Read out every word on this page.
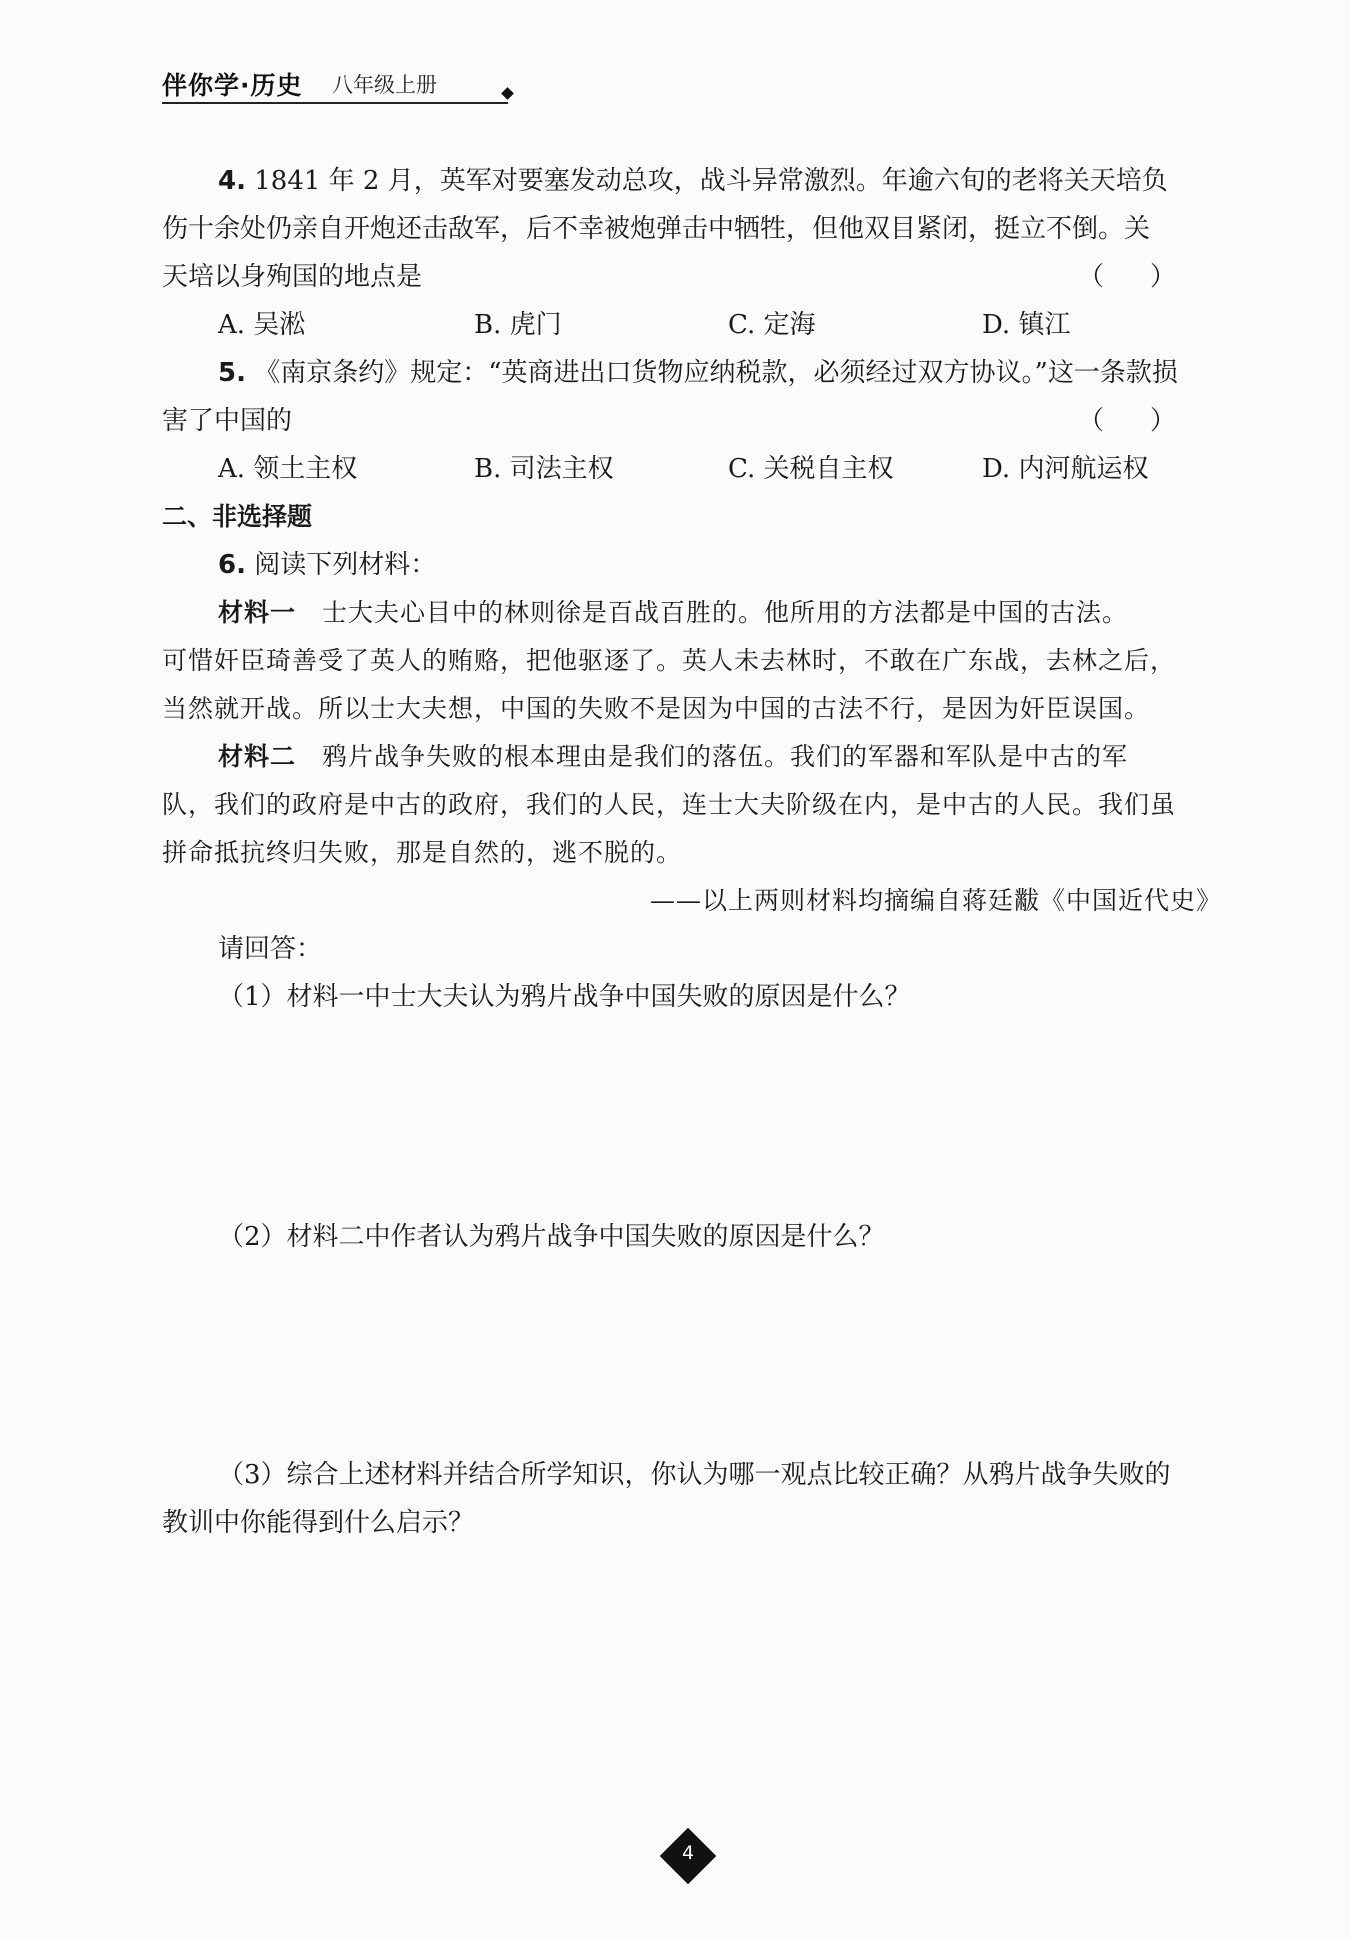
伴你学·历史 八年级上册
4. 1841 年 2 月，英军对要塞发动总攻，战斗异常激烈。年逾六旬的老将关天培负
伤十余处仍亲自开炮还击敌军，后不幸被炮弹击中牺牲，但他双目紧闭，挺立不倒。关
天培以身殉国的地点是	（）
A. 吴淞	B. 虎门	C. 定海	D. 镇江
5. 《南京条约》规定：“英商进出口货物应纳税款，必须经过双方协议。”这一条款损
害了中国的	（）
A. 领土主权	B. 司法主权	C. 关税自主权	D. 内河航运权
二、非选择题
6. 阅读下列材料：
材料一 士大夫心目中的林则徐是百战百胜的。他所用的方法都是中国的古法。
可惜奸臣琦善受了英人的贿赂，把他驱逐了。英人未去林时，不敢在广东战，去林之后，
当然就开战。所以士大夫想，中国的失败不是因为中国的古法不行，是因为奸臣误国。
材料二 鸦片战争失败的根本理由是我们的落伍。我们的军器和军队是中古的军
队，我们的政府是中古的政府，我们的人民，连士大夫阶级在内，是中古的人民。我们虽
拼命抵抗终归失败，那是自然的，逃不脱的。
——以上两则材料均摘编自蒋廷黻《中国近代史》
请回答：
（1）材料一中士大夫认为鸦片战争中国失败的原因是什么？
（2）材料二中作者认为鸦片战争中国失败的原因是什么？
（3）综合上述材料并结合所学知识，你认为哪一观点比较正确？从鸦片战争失败的
教训中你能得到什么启示？
4
